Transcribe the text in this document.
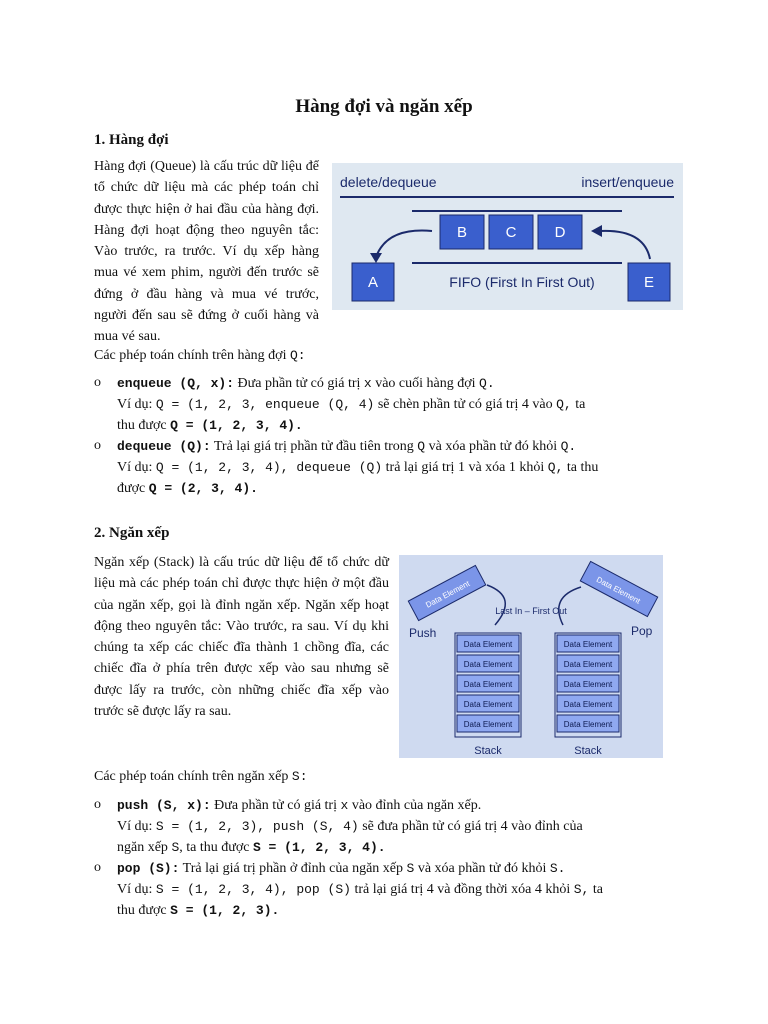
Hàng đợi và ngăn xếp
1. Hàng đợi
Hàng đợi (Queue) là cấu trúc dữ liệu để tổ chức dữ liệu mà các phép toán chỉ được thực hiện ở hai đầu của hàng đợi. Hàng đợi hoạt động theo nguyên tắc: Vào trước, ra trước. Ví dụ xếp hàng mua vé xem phim, người đến trước sẽ đứng ở đầu hàng và mua vé trước, người đến sau sẽ đứng ở cuối hàng và mua vé sau.
delete/dequeue	insert/enqueue
B	C	D
A	E
FIFO (First In First Out)
Các phép toán chính trên hàng đợi Q:
o enqueue (Q, x): Đưa phần tử có giá trị x vào cuối hàng đợi Q.
Ví dụ: Q = (1, 2, 3, enqueue (Q, 4) sẽ chèn phần tử có giá trị 4 vào Q, ta
thu được Q = (1, 2, 3, 4).
o dequeue (Q): Trả lại giá trị phần tử đầu tiên trong Q và xóa phần tử đó khỏi Q.
Ví dụ: Q = (1, 2, 3, 4), dequeue (Q) trả lại giá trị 1 và xóa 1 khỏi Q, ta thu
được Q = (2, 3, 4).
2. Ngăn xếp
Ngăn xếp (Stack) là cấu trúc dữ liệu để tổ chức dữ liệu mà các phép toán chỉ được thực hiện ở một đầu của ngăn xếp, gọi là đỉnh ngăn xếp. Ngăn xếp hoạt động theo nguyên tắc: Vào trước, ra sau. Ví dụ khi chúng ta xếp các chiếc đĩa thành 1 chồng đĩa, các chiếc đĩa ở phía trên được xếp vào sau nhưng sẽ được lấy ra trước, còn những chiếc đĩa xếp vào trước sẽ được lấy ra sau.
Data Element	Data Element
Last In – First Out
Push	Pop
Data Element
Data Element
Data Element
Data Element
Data Element
Data Element
Data Element
Data Element
Data Element
Data Element
Stack	Stack
Các phép toán chính trên ngăn xếp S:
o push (S, x): Đưa phần tử có giá trị x vào đỉnh của ngăn xếp.
Ví dụ: S = (1, 2, 3), push (S, 4) sẽ đưa phần tử có giá trị 4 vào đỉnh của
ngăn xếp S, ta thu được S = (1, 2, 3, 4).
o pop (S): Trả lại giá trị phần ở đỉnh của ngăn xếp S và xóa phần tử đó khỏi S.
Ví dụ: S = (1, 2, 3, 4), pop (S) trả lại giá trị 4 và đồng thời xóa 4 khỏi S, ta
thu được S = (1, 2, 3).
